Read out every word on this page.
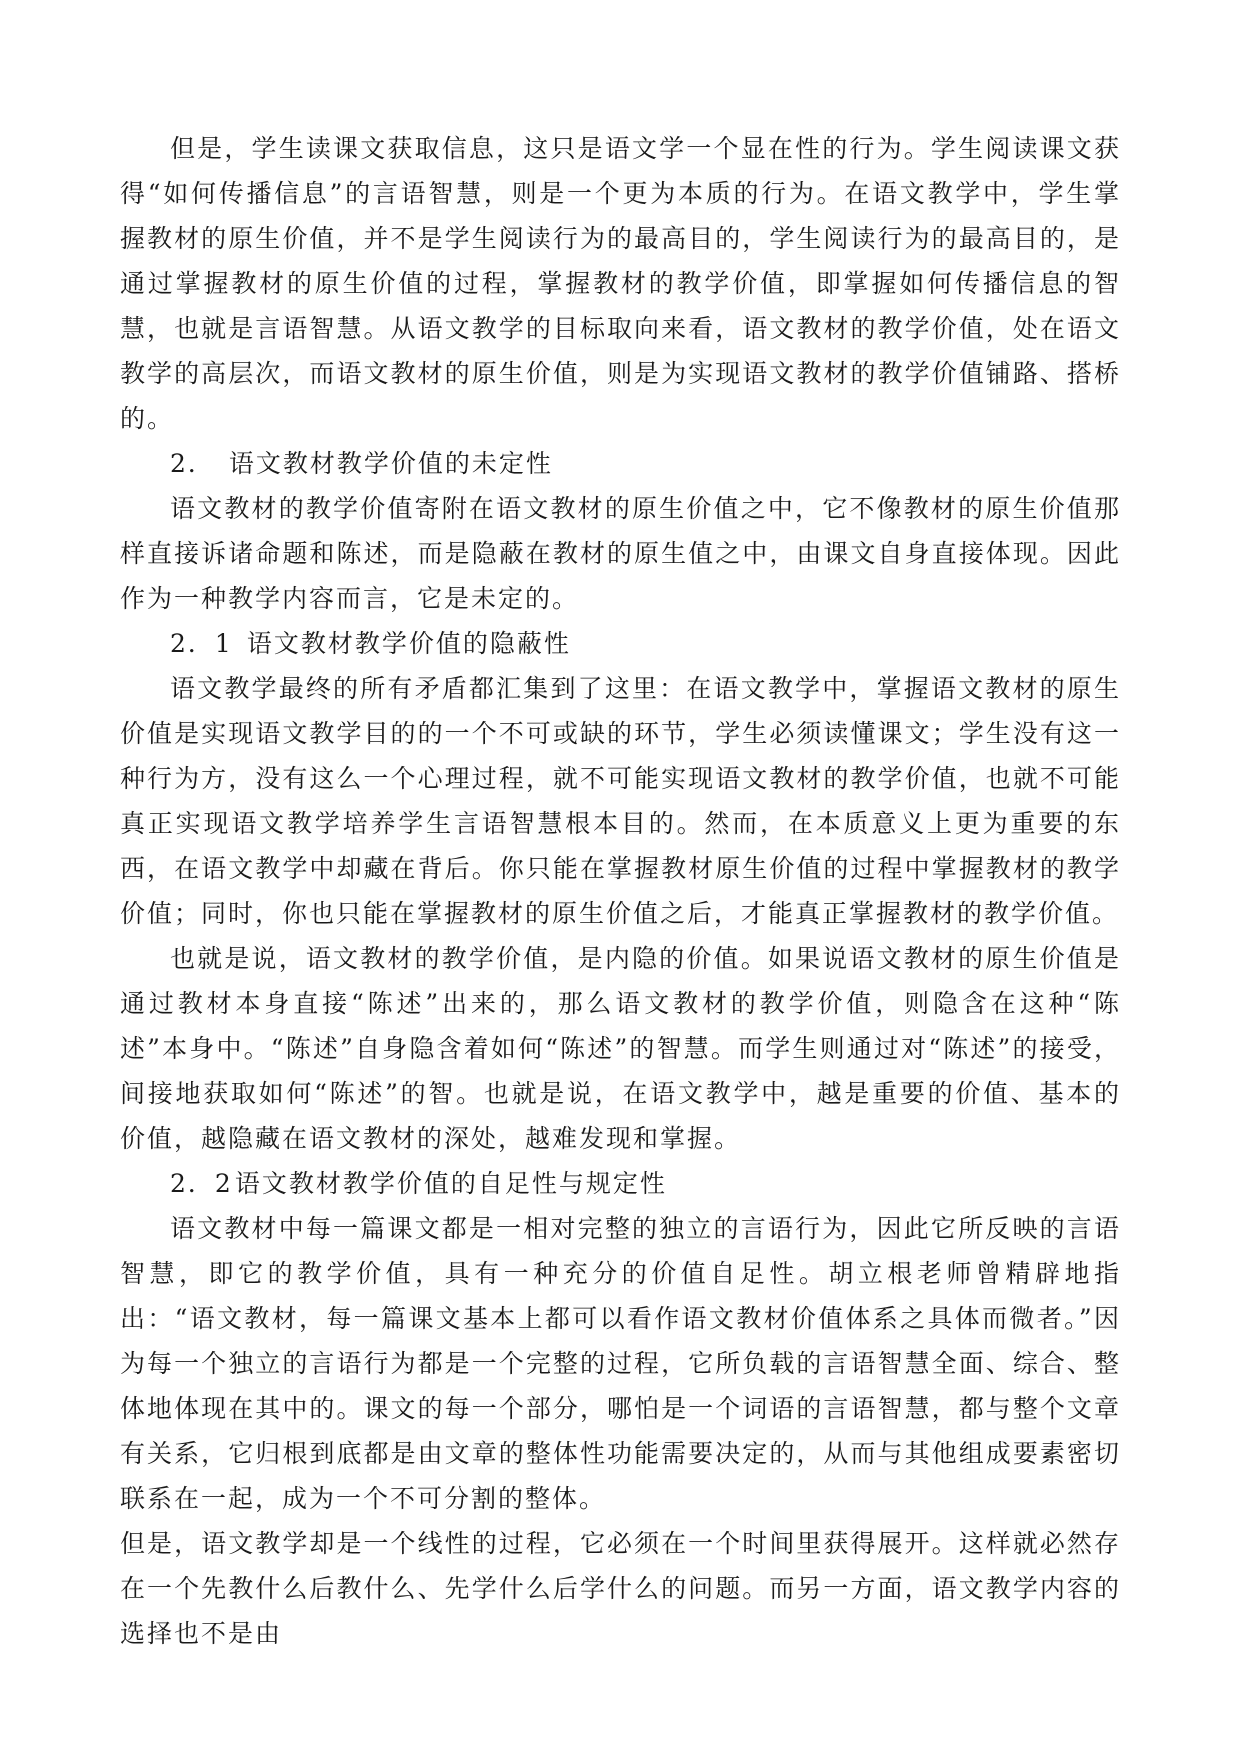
但是，学生读课文获取信息，这只是语文学一个显在性的行为。学生阅读课文获得“如何传播信息”的言语智慧，则是一个更为本质的行为。在语文教学中，学生掌握教材的原生价值，并不是学生阅读行为的最高目的，学生阅读行为的最高目的，是通过掌握教材的原生价值的过程，掌握教材的教学价值，即掌握如何传播信息的智慧，也就是言语智慧。从语文教学的目标取向来看，语文教材的教学价值，处在语文教学的高层次，而语文教材的原生价值，则是为实现语文教材的教学价值铺路、搭桥的。

2． 语文教材教学价值的未定性

语文教材的教学价值寄附在语文教材的原生价值之中，它不像教材的原生价值那样直接诉诸命题和陈述，而是隐蔽在教材的原生值之中，由课文自身直接体现。因此作为一种教学内容而言，它是未定的。

2．1 语文教材教学价值的隐蔽性

语文教学最终的所有矛盾都汇集到了这里：在语文教学中，掌握语文教材的原生价值是实现语文教学目的的一个不可或缺的环节，学生必须读懂课文；学生没有这一种行为方，没有这么一个心理过程，就不可能实现语文教材的教学价值，也就不可能真正实现语文教学培养学生言语智慧根本目的。然而，在本质意义上更为重要的东西，在语文教学中却藏在背后。你只能在掌握教材原生价值的过程中掌握教材的教学价值；同时，你也只能在掌握教材的原生价值之后，才能真正掌握教材的教学价值。

也就是说，语文教材的教学价值，是内隐的价值。如果说语文教材的原生价值是通过教材本身直接“陈述”出来的，那么语文教材的教学价值，则隐含在这种“陈述”本身中。“陈述”自身隐含着如何“陈述”的智慧。而学生则通过对“陈述”的接受，间接地获取如何“陈述”的智。也就是说，在语文教学中，越是重要的价值、基本的价值，越隐藏在语文教材的深处，越难发现和掌握。

2．2语文教材教学价值的自足性与规定性

语文教材中每一篇课文都是一相对完整的独立的言语行为，因此它所反映的言语智慧，即它的教学价值，具有一种充分的价值自足性。胡立根老师曾精辟地指出：“语文教材，每一篇课文基本上都可以看作语文教材价值体系之具体而微者。”因为每一个独立的言语行为都是一个完整的过程，它所负载的言语智慧全面、综合、整体地体现在其中的。课文的每一个部分，哪怕是一个词语的言语智慧，都与整个文章有关系，它归根到底都是由文章的整体性功能需要决定的，从而与其他组成要素密切联系在一起，成为一个不可分割的整体。

但是，语文教学却是一个线性的过程，它必须在一个时间里获得展开。这样就必然存在一个先教什么后教什么、先学什么后学什么的问题。而另一方面，语文教学内容的选择也不是由
